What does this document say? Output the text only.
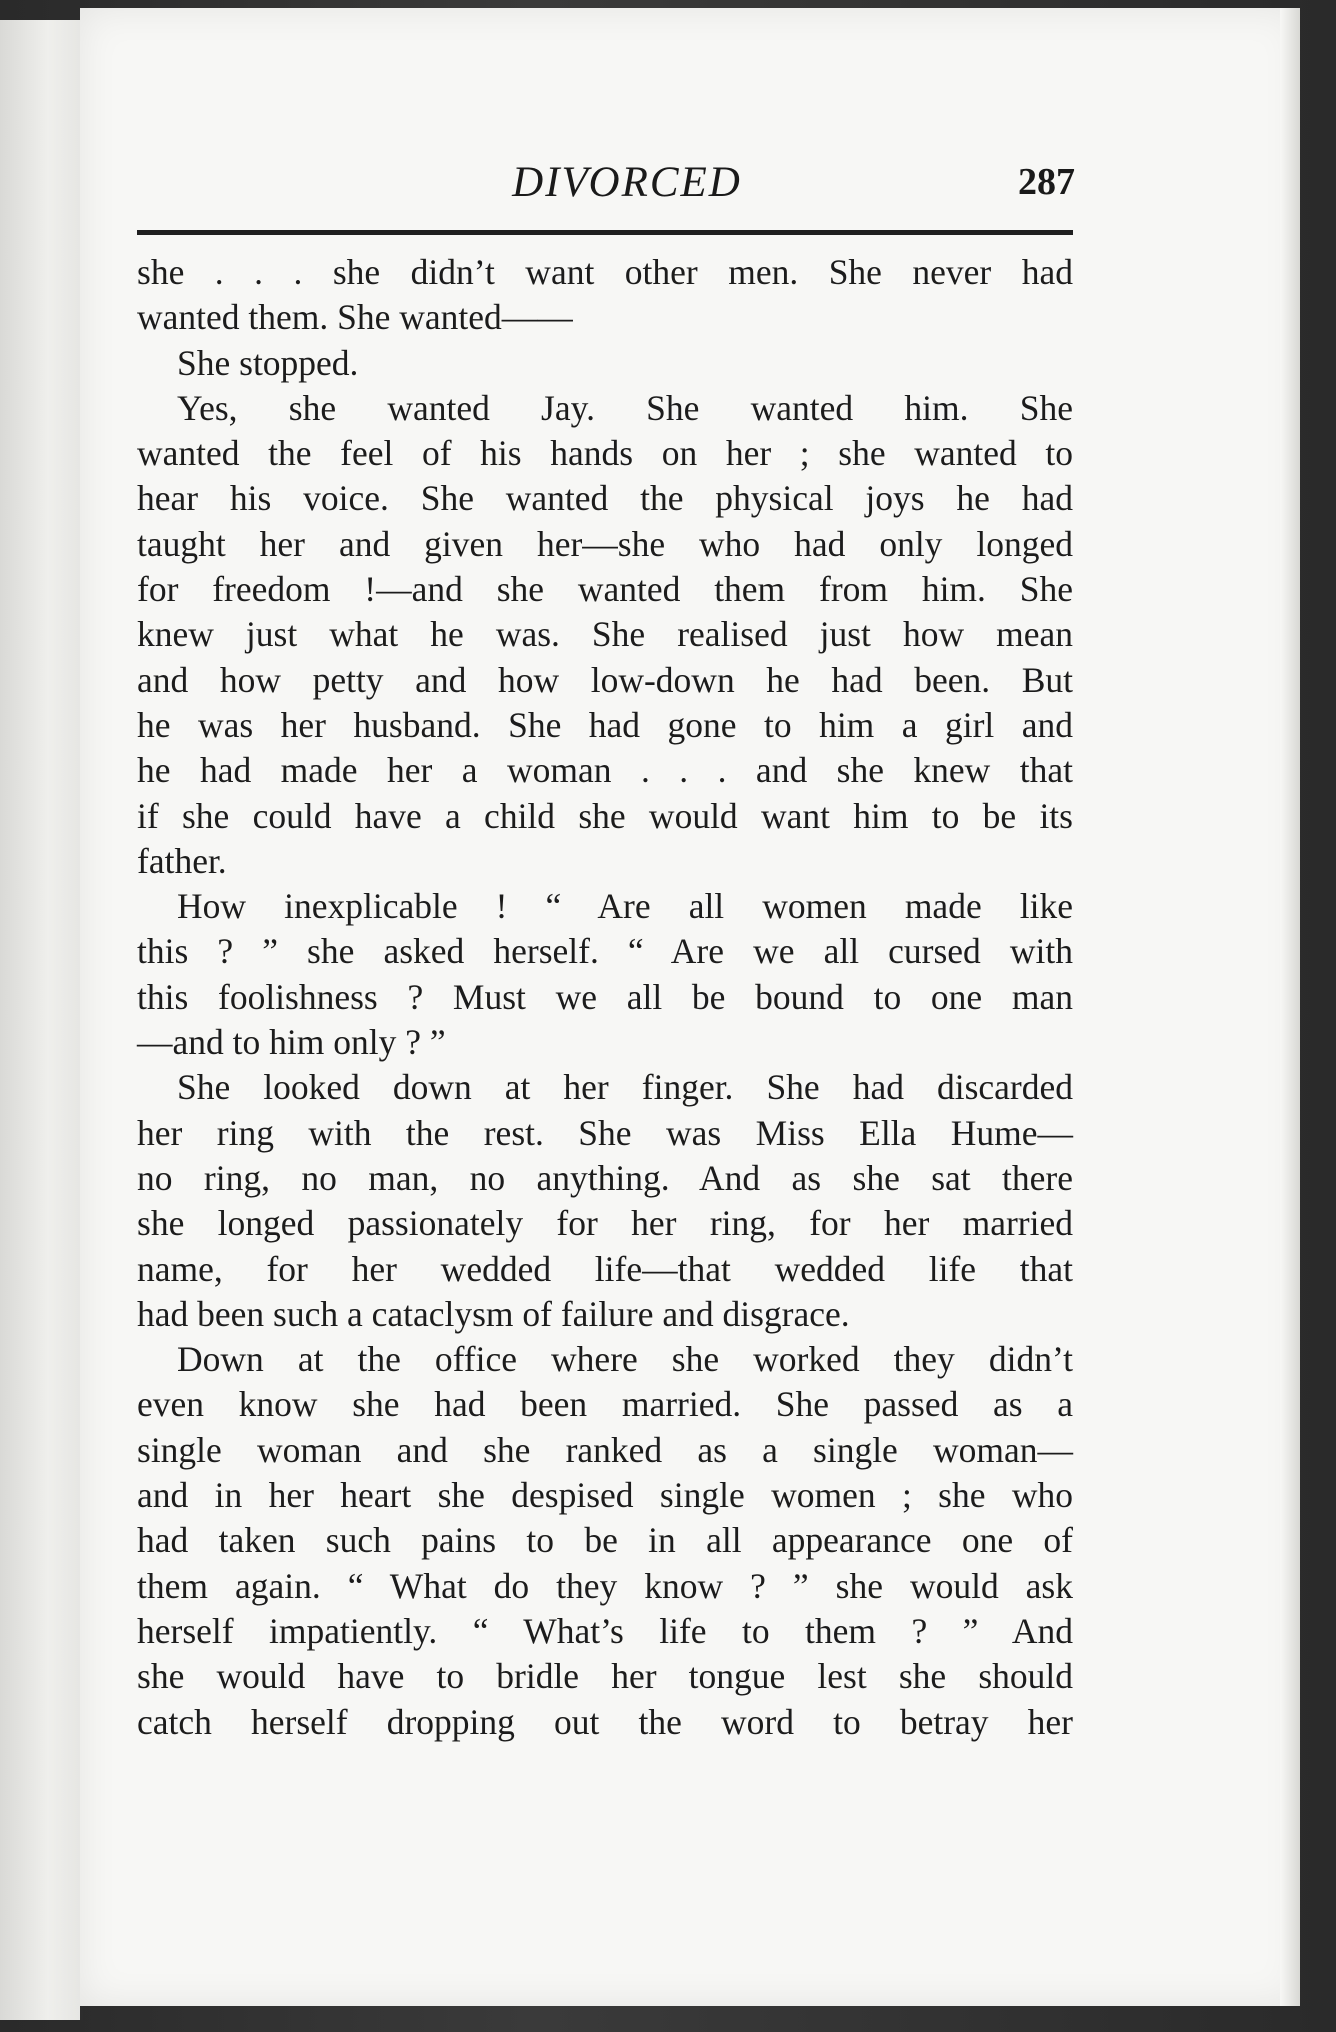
DIVORCED	287
she . . . she didn’t want other men. She never had
wanted them. She wanted——
She stopped.
Yes, she wanted Jay. She wanted him. She
wanted the feel of his hands on her ; she wanted to
hear his voice. She wanted the physical joys he had
taught her and given her—she who had only longed
for freedom !—and she wanted them from him. She
knew just what he was. She realised just how mean
and how petty and how low-down he had been. But
he was her husband. She had gone to him a girl and
he had made her a woman . . . and she knew that
if she could have a child she would want him to be its
father.
How inexplicable ! “ Are all women made like
this ? ” she asked herself. “ Are we all cursed with
this foolishness ? Must we all be bound to one man
—and to him only ? ”
She looked down at her finger. She had discarded
her ring with the rest. She was Miss Ella Hume—
no ring, no man, no anything. And as she sat there
she longed passionately for her ring, for her married
name, for her wedded life—that wedded life that
had been such a cataclysm of failure and disgrace.
Down at the office where she worked they didn’t
even know she had been married. She passed as a
single woman and she ranked as a single woman—
and in her heart she despised single women ; she who
had taken such pains to be in all appearance one of
them again. “ What do they know ? ” she would ask
herself impatiently. “ What’s life to them ? ” And
she would have to bridle her tongue lest she should
catch herself dropping out the word to betray her
